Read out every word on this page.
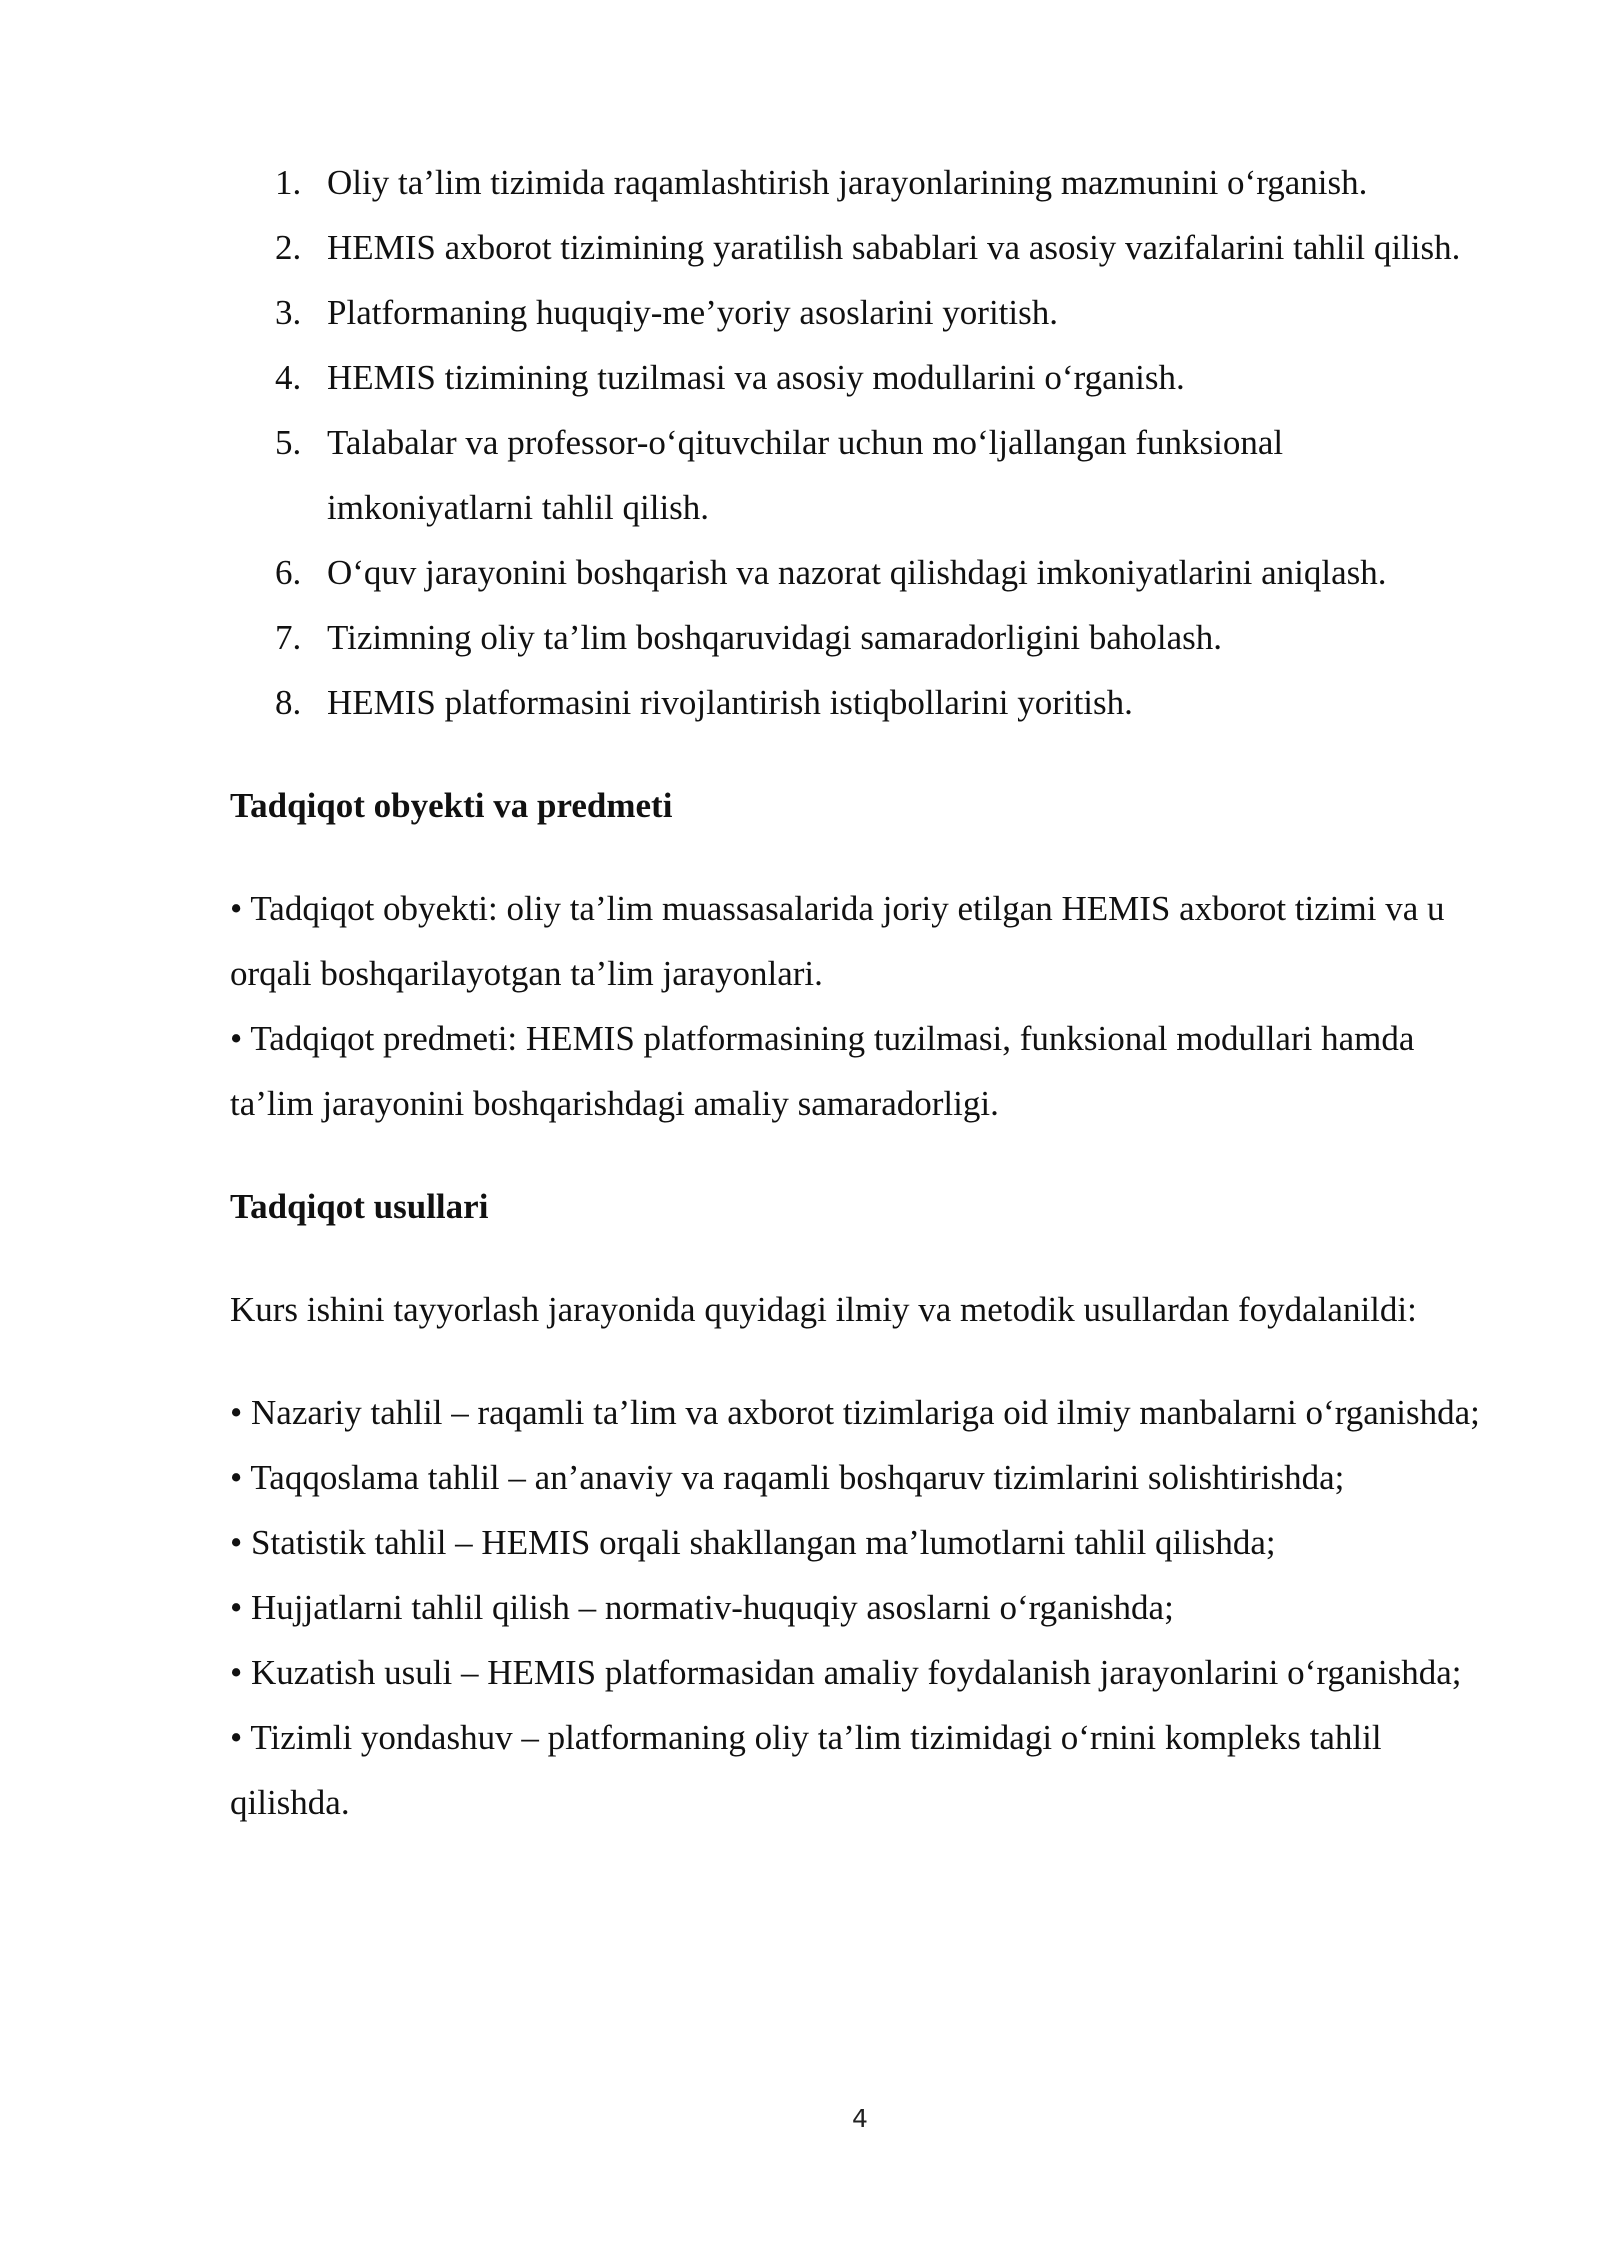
1. Oliy ta’lim tizimida raqamlashtirish jarayonlarining mazmunini o‘rganish.
2. HEMIS axborot tizimining yaratilish sabablari va asosiy vazifalarini tahlil qilish.
3. Platformaning huquqiy-me’yoriy asoslarini yoritish.
4. HEMIS tizimining tuzilmasi va asosiy modullarini o‘rganish.
5. Talabalar va professor-o‘qituvchilar uchun mo‘ljallangan funksional imkoniyatlarni tahlil qilish.
6. O‘quv jarayonini boshqarish va nazorat qilishdagi imkoniyatlarini aniqlash.
7. Tizimning oliy ta’lim boshqaruvidagi samaradorligini baholash.
8. HEMIS platformasini rivojlantirish istiqbollarini yoritish.
Tadqiqot obyekti va predmeti

• Tadqiqot obyekti: oliy ta’lim muassasalarida joriy etilgan HEMIS axborot tizimi va u orqali boshqarilayotgan ta’lim jarayonlari.

• Tadqiqot predmeti: HEMIS platformasining tuzilmasi, funksional modullari hamda ta’lim jarayonini boshqarishdagi amaliy samaradorligi.

Tadqiqot usullari

Kurs ishini tayyorlash jarayonida quyidagi ilmiy va metodik usullardan foydalanildi:

• Nazariy tahlil – raqamli ta’lim va axborot tizimlariga oid ilmiy manbalarni o‘rganishda;

• Taqqoslama tahlil – an’anaviy va raqamli boshqaruv tizimlarini solishtirishda;

• Statistik tahlil – HEMIS orqali shakllangan ma’lumotlarni tahlil qilishda;

• Hujjatlarni tahlil qilish – normativ-huquqiy asoslarni o‘rganishda;

• Kuzatish usuli – HEMIS platformasidan amaliy foydalanish jarayonlarini o‘rganishda;

• Tizimli yondashuv – platformaning oliy ta’lim tizimidagi o‘rnini kompleks tahlil qilishda.

4
